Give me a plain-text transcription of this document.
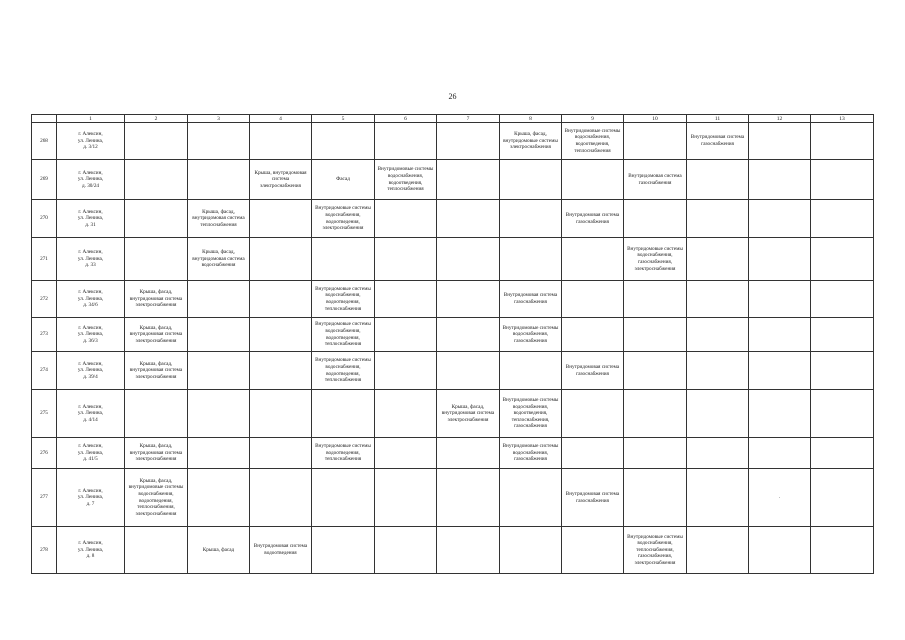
26
	1	2	3	4	5	6	7	8	9	10	11	12	13
268	г. Алексин,
ул. Ленина,
д. 3/12							Крыша, фасад, внутридомовые системы электроснабжения	Внутридомовые системы водоснабжения, водоотведения, теплоснабжения		Внутридомовая система газоснабжения		
269	г. Алексин,
ул. Ленина,
д. 30/24			Крыша, внутридомовая система электроснабжения	Фасад	Внутридомовые системы водоснабжения, водоотведения, теплоснабжения				Внутридомовая система газоснабжения			
270	г. Алексин,
ул. Ленина,
д. 31		Крыша, фасад, внутридомовая система теплоснабжения		Внутридомовые системы водоснабжения, водоотведения, электроснабжения				Внутридомовая система газоснабжения				
271	г. Алексин,
ул. Ленина,
д. 33		Крыша, фасад, внутридомовая система водоснабжения							Внутридомовые системы водоснабжения, газоснабжения, электроснабжения			
272	г. Алексин,
ул. Ленина,
д. 34/6	Крыша, фасад, внутридомовая система электроснабжения			Внутридомовые системы водоснабжения, водоотведения, теплоснабжения			Внутридомовая система газоснабжения					
273	г. Алексин,
ул. Ленина,
д. 36/3	Крыша, фасад, внутридомовая система электроснабжения			Внутридомовые системы водоснабжения, водоотведения, теплоснабжения			Внутридомовые системы водоснабжения, газоснабжения					
274	г. Алексин,
ул. Ленина,
д. 39/4	Крыша, фасад, внутридомовая система электроснабжения			Внутридомовые системы водоснабжения, водоотведения, теплоснабжения				Внутридомовая система газоснабжения				
275	г. Алексин,
ул. Ленина,
д. 4/14						Крыша, фасад, внутридомовая система электроснабжения	Внутридомовые системы водоснабжения, водоотведения, теплоснабжения, газоснабжения					
276	г. Алексин,
ул. Ленина,
д. 41/5	Крыша, фасад, внутридомовая система электроснабжения			Внутридомовые системы водоотведения, теплоснабжения			Внутридомовые системы водоснабжения, газоснабжения					
277	г. Алексин,
ул. Ленина,
д. 7	Крыша, фасад, внутридомовые системы водоснабжения, водоотведения, теплоснабжения, электроснабжения							Внутридомовая система газоснабжения			.	
278	г. Алексин,
ул. Ленина,
д. 8		Крыша, фасад	Внутридомовая система водоотведения						Внутридомовые системы водоснабжения, теплоснабжения, газоснабжения, электроснабжения			
